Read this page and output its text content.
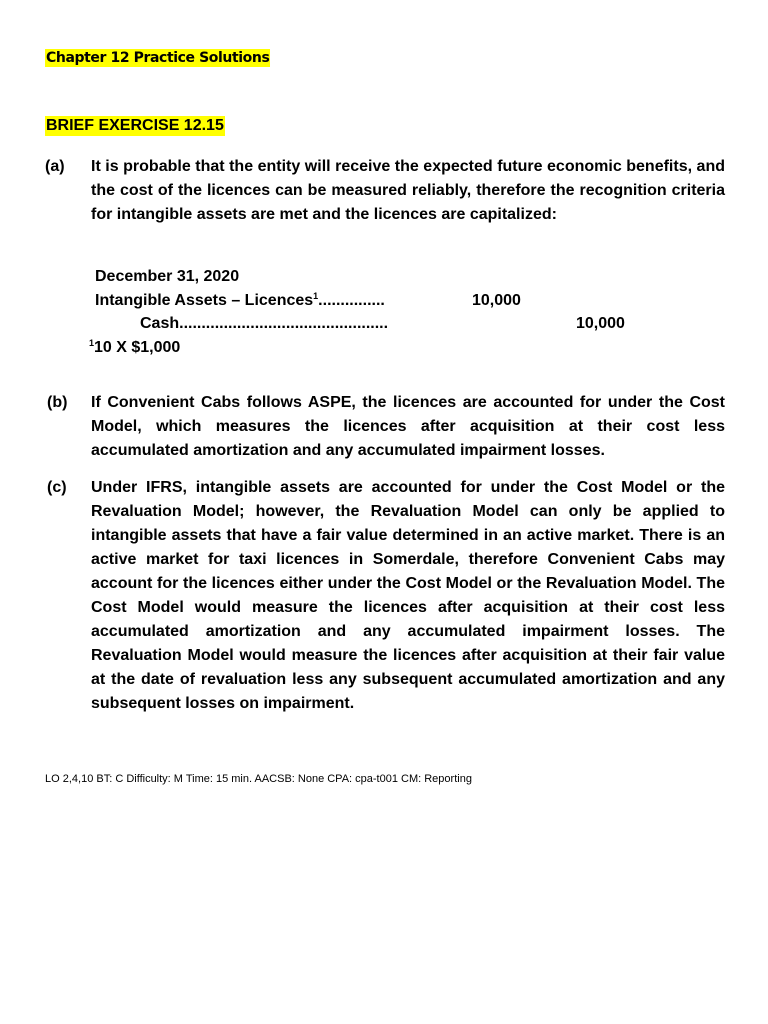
Chapter 12 Practice Solutions
BRIEF EXERCISE 12.15
(a) It is probable that the entity will receive the expected future economic benefits, and the cost of the licences can be measured reliably, therefore the recognition criteria for intangible assets are met and the licences are capitalized:
December 31, 2020
Intangible Assets – Licences$^1$...............	10,000
Cash...............................................	10,000
$^1$10 X $1,000
(b) If Convenient Cabs follows ASPE, the licences are accounted for under the Cost Model, which measures the licences after acquisition at their cost less accumulated amortization and any accumulated impairment losses.
(c) Under IFRS, intangible assets are accounted for under the Cost Model or the Revaluation Model; however, the Revaluation Model can only be applied to intangible assets that have a fair value determined in an active market. There is an active market for taxi licences in Somerdale, therefore Convenient Cabs may account for the licences either under the Cost Model or the Revaluation Model. The Cost Model would measure the licences after acquisition at their cost less accumulated amortization and any accumulated impairment losses. The Revaluation Model would measure the licences after acquisition at their fair value at the date of revaluation less any subsequent accumulated amortization and any subsequent losses on impairment.
LO 2,4,10 BT: C Difficulty: M Time: 15 min. AACSB: None CPA: cpa-t001 CM: Reporting
